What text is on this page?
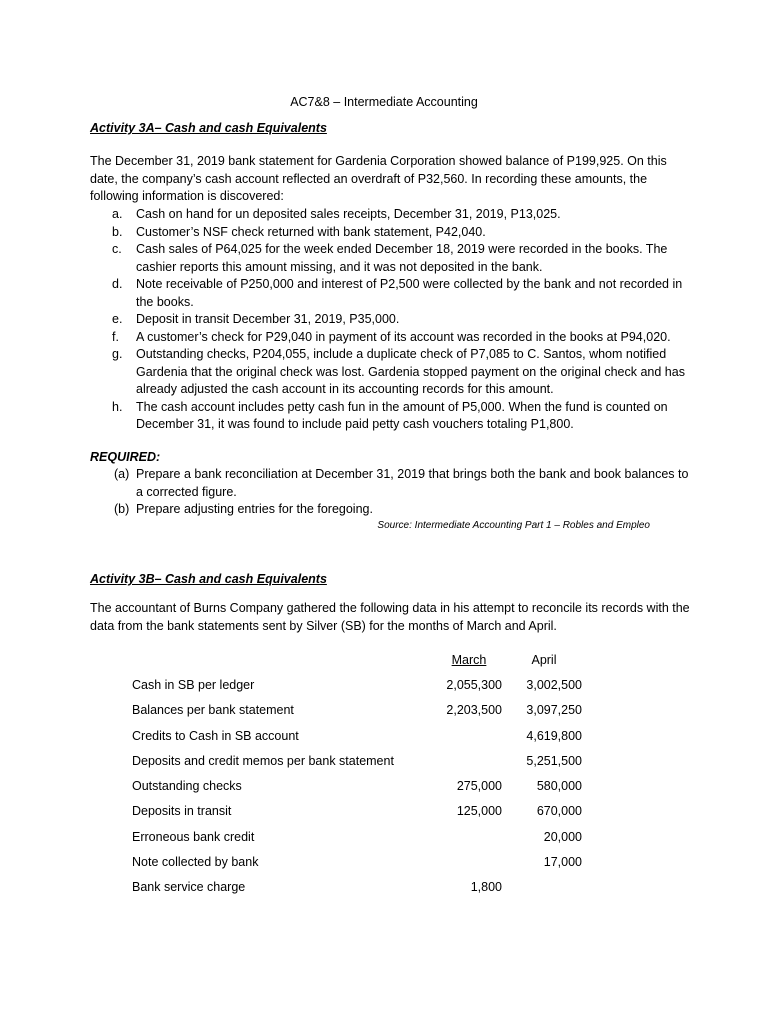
AC7&8 – Intermediate Accounting
Activity 3A– Cash and cash Equivalents

The December 31, 2019 bank statement for Gardenia Corporation showed balance of P199,925. On this date, the company’s cash account reflected an overdraft of P32,560. In recording these amounts, the following information is discovered:

a. Cash on hand for un deposited sales receipts, December 31, 2019, P13,025.
b. Customer’s NSF check returned with bank statement, P42,040.
c. Cash sales of P64,025 for the week ended December 18, 2019 were recorded in the books. The cashier reports this amount missing, and it was not deposited in the bank.
d. Note receivable of P250,000 and interest of P2,500 were collected by the bank and not recorded in the books.
e. Deposit in transit December 31, 2019, P35,000.
f. A customer’s check for P29,040 in payment of its account was recorded in the books at P94,020.
g. Outstanding checks, P204,055, include a duplicate check of P7,085 to C. Santos, whom notified Gardenia that the original check was lost. Gardenia stopped payment on the original check and has already adjusted the cash account in its accounting records for this amount.
h. The cash account includes petty cash fun in the amount of P5,000. When the fund is counted on December 31, it was found to include paid petty cash vouchers totaling P1,800.
REQUIRED:
(a) Prepare a bank reconciliation at December 31, 2019 that brings both the bank and book balances to a corrected figure.
(b) Prepare adjusting entries for the foregoing.
Source: Intermediate Accounting Part 1 – Robles and Empleo
Activity 3B– Cash and cash Equivalents

The accountant of Burns Company gathered the following data in his attempt to reconcile its records with the data from the bank statements sent by Silver (SB) for the months of March and April.

	March	April
Cash in SB per ledger	2,055,300	3,002,500
Balances per bank statement	2,203,500	3,097,250
Credits to Cash in SB account		4,619,800
Deposits and credit memos per bank statement		5,251,500
Outstanding checks	275,000	580,000
Deposits in transit	125,000	670,000
Erroneous bank credit		20,000
Note collected by bank		17,000
Bank service charge	1,800	
